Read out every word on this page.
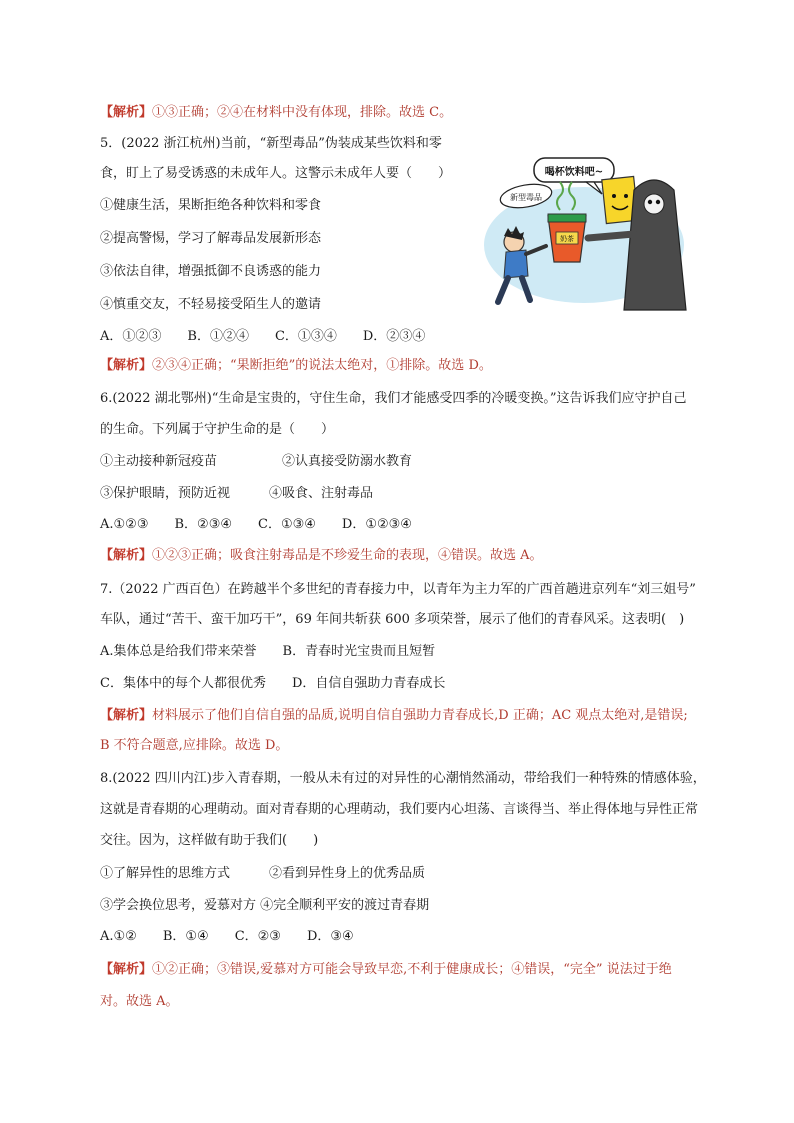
【解析】①③正确；②④在材料中没有体现，排除。故选 C。
5．(2022 浙江杭州)当前，“新型毒品”伪装成某些饮料和零
食，盯上了易受诱惑的未成年人。这警示未成年人要（　　）
①健康生活，果断拒绝各种饮料和零食
②提高警惕，学习了解毒品发展新形态
③依法自律，增强抵御不良诱惑的能力
④慎重交友，不轻易接受陌生人的邀请
A．①②③　　B．①②④　　C．①③④　　D．②③④
【解析】②③④正确；“果断拒绝”的说法太绝对，①排除。故选 D。
喝杯饮料吧~
新型毒品
奶茶
6.(2022 湖北鄂州)“生命是宝贵的，守住生命，我们才能感受四季的冷暖变换。”这告诉我们应守护自己
的生命。下列属于守护生命的是（　　）
①主动接种新冠疫苗　　　　　②认真接受防溺水教育
③保护眼睛，预防近视　　　④吸食、注射毒品
A.①②③　　B．②③④　　C．①③④　　D．①②③④
【解析】①②③正确；吸食注射毒品是不珍爱生命的表现，④错误。故选 A。
7.（2022 广西百色）在跨越半个多世纪的青春接力中，以青年为主力军的广西首趟进京列车“刘三姐号”
车队，通过“苦干、蛮干加巧干”，69 年间共斩获 600 多项荣誉，展示了他们的青春风采。这表明(　)
A.集体总是给我们带来荣誉　　B．青春时光宝贵而且短暂
C．集体中的每个人都很优秀　　D．自信自强助力青春成长
【解析】材料展示了他们自信自强的品质,说明自信自强助力青春成长,D 正确；AC 观点太绝对,是错误;
B 不符合题意,应排除。故选 D。
8.(2022 四川内江)步入青春期，一般从未有过的对异性的心潮悄然涌动，带给我们一种特殊的情感体验，
这就是青春期的心理萌动。面对青春期的心理萌动，我们要内心坦荡、言谈得当、举止得体地与异性正常
交往。因为，这样做有助于我们(　　)
①了解异性的思维方式　　　②看到异性身上的优秀品质
③学会换位思考，爱慕对方 ④完全顺利平安的渡过青春期
A.①②　　B．①④　　C．②③　　D．③④
【解析】①②正确；③错误,爱慕对方可能会导致早恋,不利于健康成长；④错误，“完全” 说法过于绝
对。故选 A。
